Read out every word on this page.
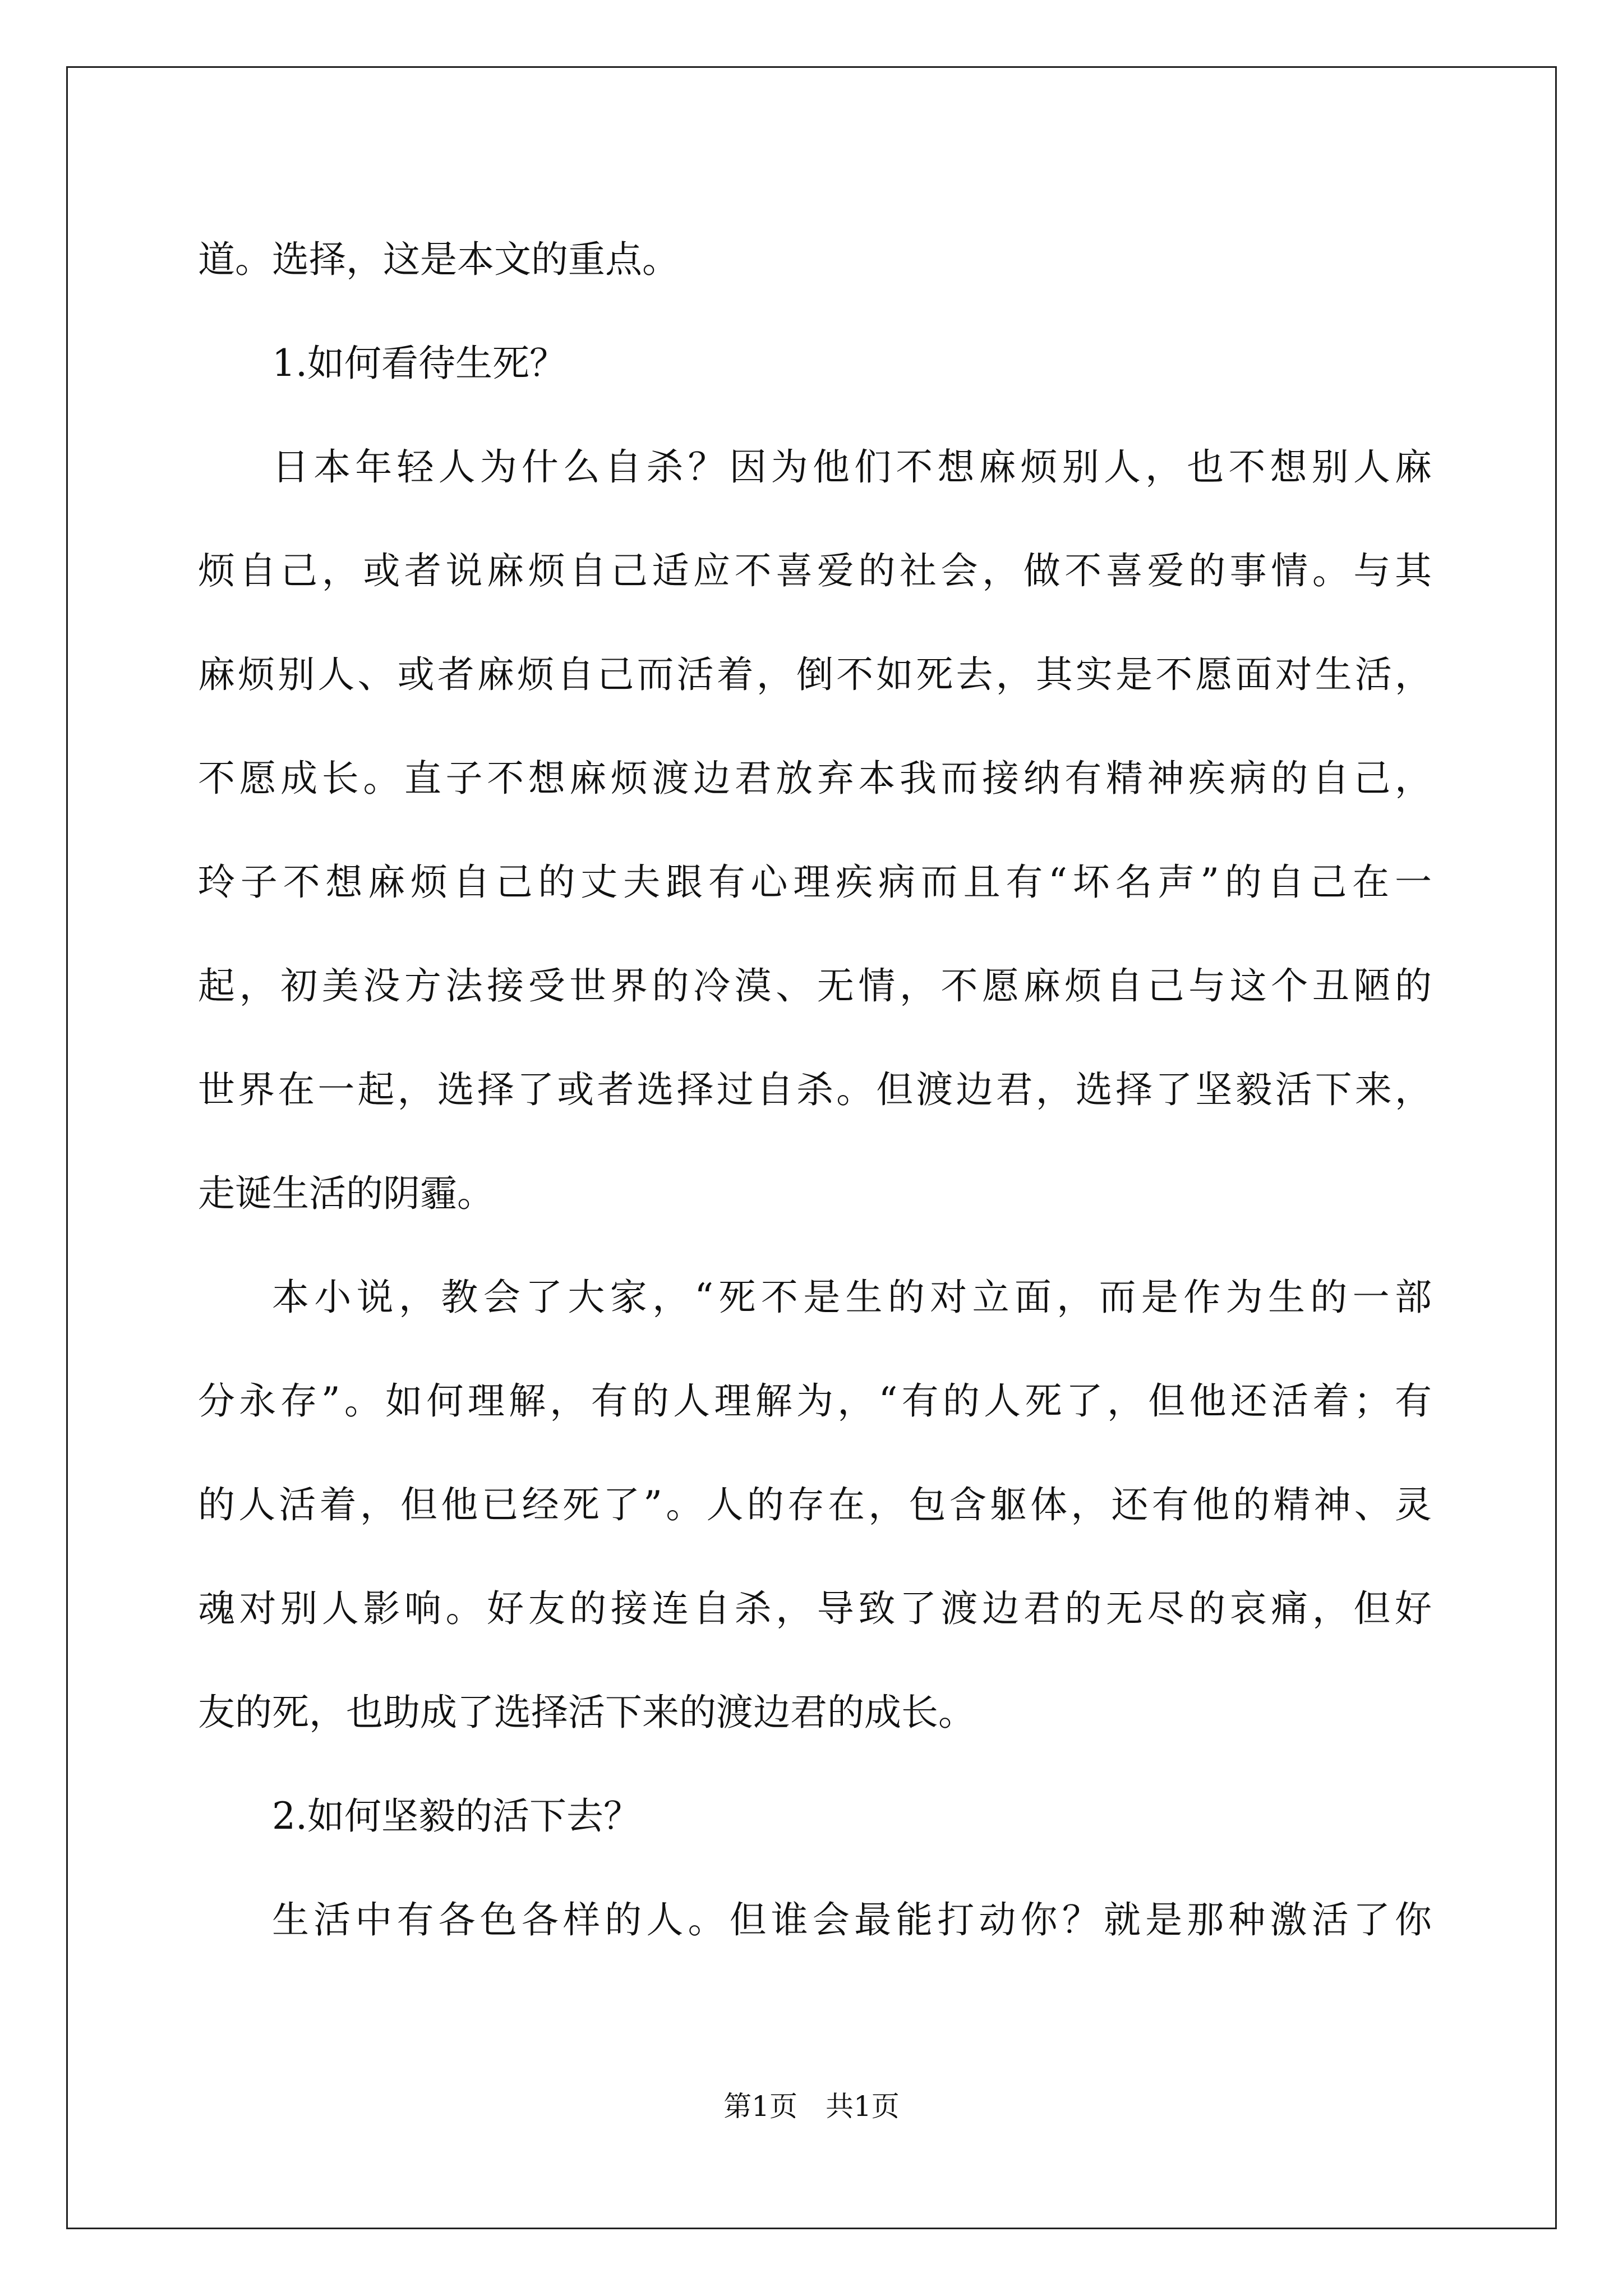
道。选择，这是本文的重点。
1.如何看待生死？
日本年轻人为什么自杀？因为他们不想麻烦别人，也不想别人麻
烦自己，或者说麻烦自己适应不喜爱的社会，做不喜爱的事情。与其
麻烦别人、或者麻烦自己而活着，倒不如死去，其实是不愿面对生活，
不愿成长。直子不想麻烦渡边君放弃本我而接纳有精神疾病的自己，
玲子不想麻烦自己的丈夫跟有心理疾病而且有“坏名声”的自己在一
起，初美没方法接受世界的冷漠、无情，不愿麻烦自己与这个丑陋的
世界在一起，选择了或者选择过自杀。但渡边君，选择了坚毅活下来，
走诞生活的阴霾。
本小说，教会了大家，“死不是生的对立面，而是作为生的一部
分永存”。如何理解，有的人理解为，“有的人死了，但他还活着；有
的人活着，但他已经死了”。人的存在，包含躯体，还有他的精神、灵
魂对别人影响。好友的接连自杀，导致了渡边君的无尽的哀痛，但好
友的死，也助成了选择活下来的渡边君的成长。
2.如何坚毅的活下去？
生活中有各色各样的人。但谁会最能打动你？就是那种激活了你
第1页　共1页
